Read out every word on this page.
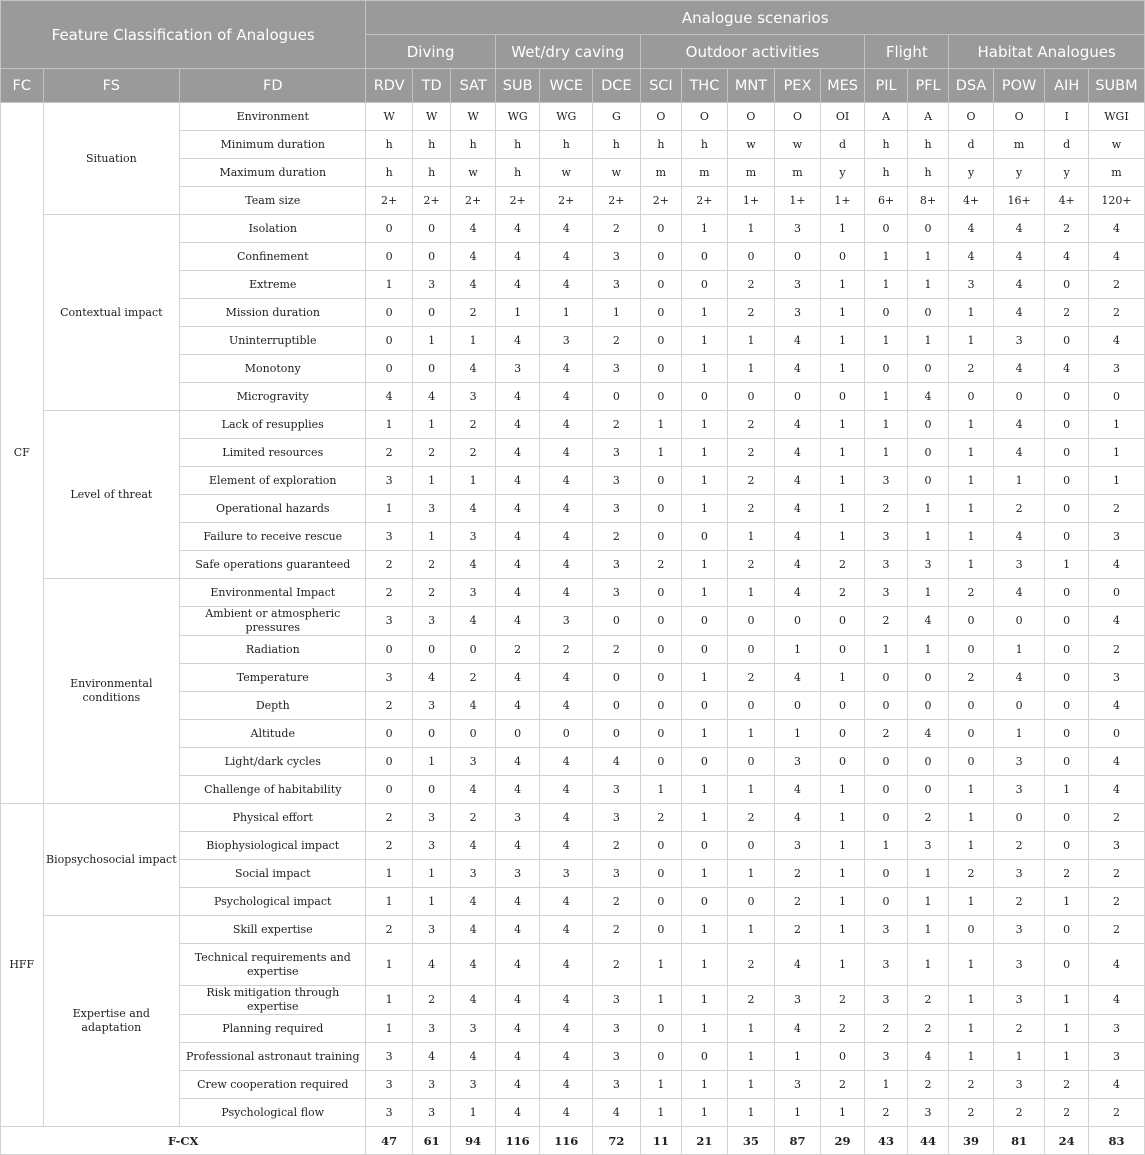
Feature Classification of Analogues			Analogue scenarios																
			Diving			Wet/dry caving			Outdoor activities					Flight		Habitat Analogues			
FC	FS	FD	RDV	TD	SAT	SUB	WCE	DCE	SCI	THC	MNT	PEX	MES	PIL	PFL	DSA	POW	AIH	SUBM
CF	Situation	Environment	W	W	W	WG	WG	G	O	O	O	O	OI	A	A	O	O	I	WGI
		Minimum duration	h	h	h	h	h	h	h	h	w	w	d	h	h	d	m	d	w
		Maximum duration	h	h	w	h	w	w	m	m	m	m	y	h	h	y	y	y	m
		Team size	2+	2+	2+	2+	2+	2+	2+	2+	1+	1+	1+	6+	8+	4+	16+	4+	120+
	Contextual impact	Isolation	0	0	4	4	4	2	0	1	1	3	1	0	0	4	4	2	4
		Confinement	0	0	4	4	4	3	0	0	0	0	0	1	1	4	4	4	4
		Extreme	1	3	4	4	4	3	0	0	2	3	1	1	1	3	4	0	2
		Mission duration	0	0	2	1	1	1	0	1	2	3	1	0	0	1	4	2	2
		Uninterruptible	0	1	1	4	3	2	0	1	1	4	1	1	1	1	3	0	4
		Monotony	0	0	4	3	4	3	0	1	1	4	1	0	0	2	4	4	3
		Microgravity	4	4	3	4	4	0	0	0	0	0	0	1	4	0	0	0	0
	Level of threat	Lack of resupplies	1	1	2	4	4	2	1	1	2	4	1	1	0	1	4	0	1
		Limited resources	2	2	2	4	4	3	1	1	2	4	1	1	0	1	4	0	1
		Element of exploration	3	1	1	4	4	3	0	1	2	4	1	3	0	1	1	0	1
		Operational hazards	1	3	4	4	4	3	0	1	2	4	1	2	1	1	2	0	2
		Failure to receive rescue	3	1	3	4	4	2	0	0	1	4	1	3	1	1	4	0	3
		Safe operations guaranteed	2	2	4	4	4	3	2	1	2	4	2	3	3	1	3	1	4
	Environmental conditions	Environmental Impact	2	2	3	4	4	3	0	1	1	4	2	3	1	2	4	0	0
		Ambient or atmospheric pressures	3	3	4	4	3	0	0	0	0	0	0	2	4	0	0	0	4
		Radiation	0	0	0	2	2	2	0	0	0	1	0	1	1	0	1	0	2
		Temperature	3	4	2	4	4	0	0	1	2	4	1	0	0	2	4	0	3
		Depth	2	3	4	4	4	0	0	0	0	0	0	0	0	0	0	0	4
		Altitude	0	0	0	0	0	0	0	1	1	1	0	2	4	0	1	0	0
		Light/dark cycles	0	1	3	4	4	4	0	0	0	3	0	0	0	0	3	0	4
		Challenge of habitability	0	0	4	4	4	3	1	1	1	4	1	0	0	1	3	1	4
HFF	Biopsychosocial impact	Physical effort	2	3	2	3	4	3	2	1	2	4	1	0	2	1	0	0	2
		Biophysiological impact	2	3	4	4	4	2	0	0	0	3	1	1	3	1	2	0	3
		Social impact	1	1	3	3	3	3	0	1	1	2	1	0	1	2	3	2	2
		Psychological impact	1	1	4	4	4	2	0	0	0	2	1	0	1	1	2	1	2
	Expertise and adaptation	Skill expertise	2	3	4	4	4	2	0	1	1	2	1	3	1	0	3	0	2
		Technical requirements and expertise	1	4	4	4	4	2	1	1	2	4	1	3	1	1	3	0	4
		Risk mitigation through expertise	1	2	4	4	4	3	1	1	2	3	2	3	2	1	3	1	4
		Planning required	1	3	3	4	4	3	0	1	1	4	2	2	2	1	2	1	3
		Professional astronaut training	3	4	4	4	4	3	0	0	1	1	0	3	4	1	1	1	3
		Crew cooperation required	3	3	3	4	4	3	1	1	1	3	2	1	2	2	3	2	4
		Psychological flow	3	3	1	4	4	4	1	1	1	1	1	2	3	2	2	2	2
F-CX			47	61	94	116	116	72	11	21	35	87	29	43	44	39	81	24	83
